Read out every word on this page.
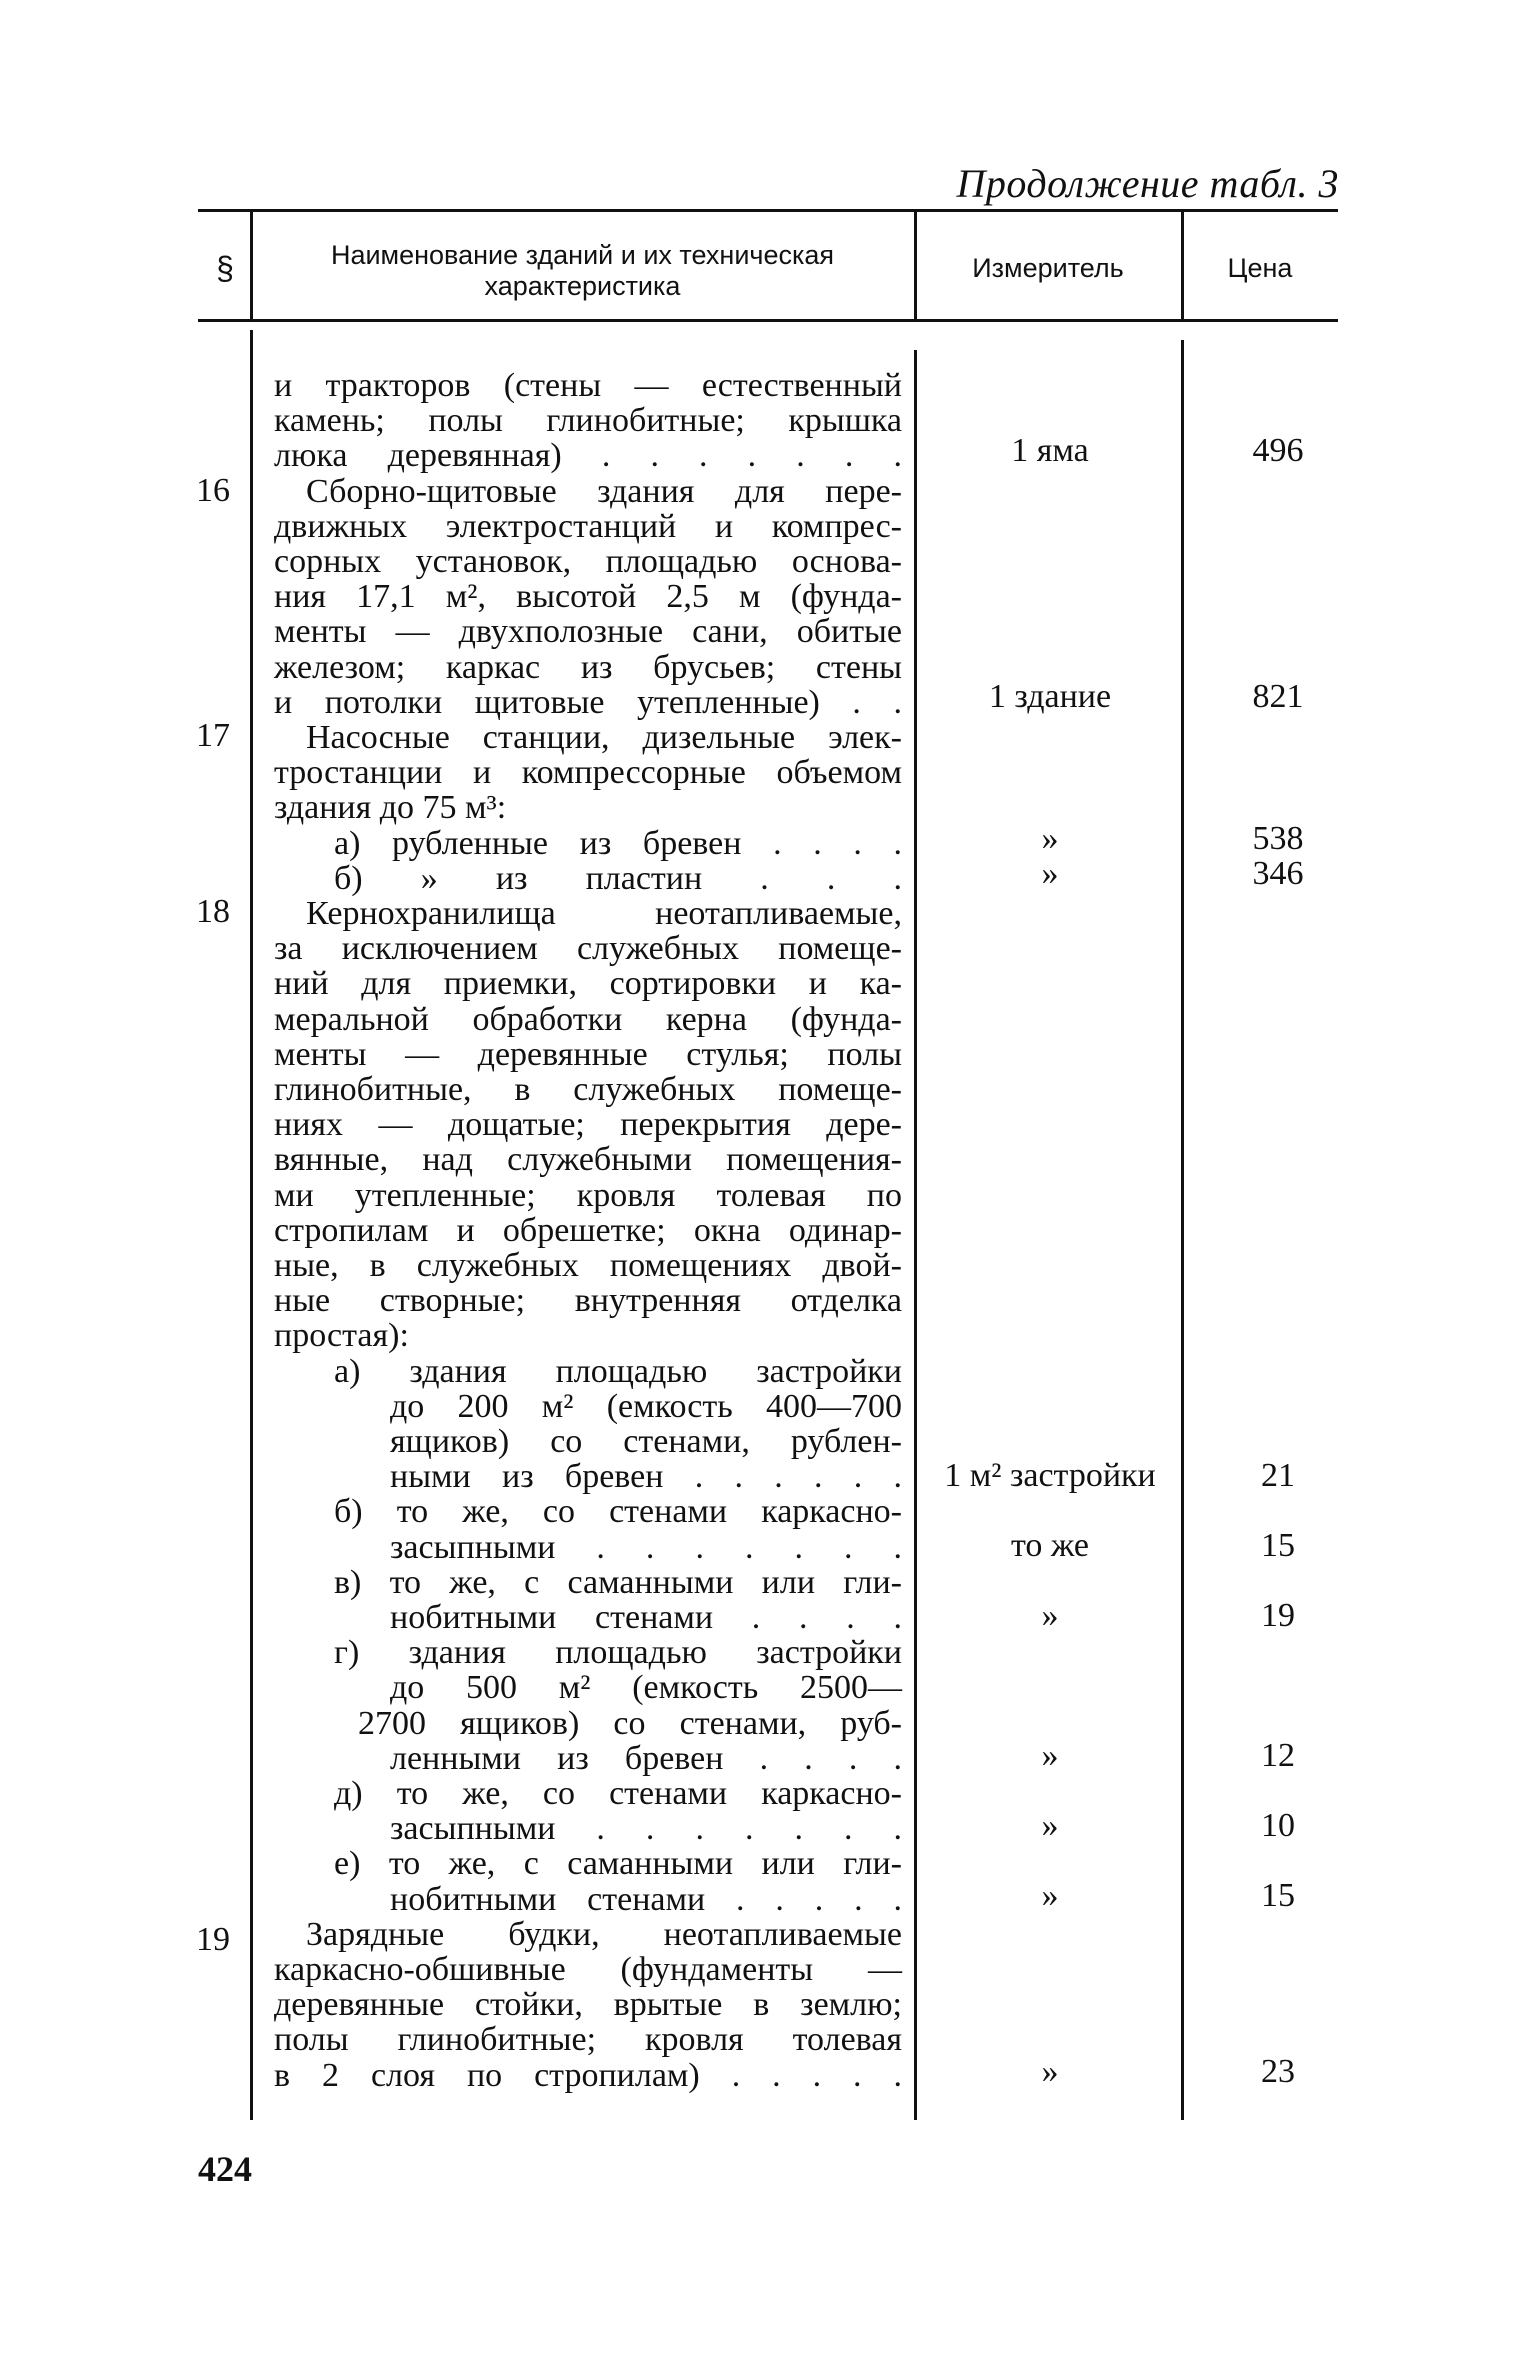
Продолжение табл. 3
§	Наименование зданий и их техническая
характеристика
Измеритель	Цена
16
17
18
19
и тракторов (стены — естественный
камень; полы глинобитные; крышка
люка деревянная) . . . . . . .
Сборно-щитовые здания для пере-
движных электростанций и компрес-
сорных установок, площадью основа-
ния 17,1 м², высотой 2,5 м (фунда-
менты — двухполозные сани, обитые
железом; каркас из брусьев; стены
и потолки щитовые утепленные) . .
Насосные станции, дизельные элек-
тростанции и компрессорные объемом
здания до 75 м³:
а) рубленные из бревен . . . .
б) » из пластин . . .
Кернохранилища неотапливаемые,
за исключением служебных помеще-
ний для приемки, сортировки и ка-
меральной обработки керна (фунда-
менты — деревянные стулья; полы
глинобитные, в служебных помеще-
ниях — дощатые; перекрытия дере-
вянные, над служебными помещения-
ми утепленные; кровля толевая по
стропилам и обрешетке; окна одинар-
ные, в служебных помещениях двой-
ные створные; внутренняя отделка
простая):
а) здания площадью застройки
до 200 м² (емкость 400—700
ящиков) со стенами, рублен-
ными из бревен . . . . . .
б) то же, со стенами каркасно-
засыпными . . . . . . .
в) то же, с саманными или гли-
нобитными стенами . . . .
г) здания площадью застройки
до 500 м² (емкость 2500—
2700 ящиков) со стенами, руб-
ленными из бревен . . . .
д) то же, со стенами каркасно-
засыпными . . . . . . .
е) то же, с саманными или гли-
нобитными стенами . . . . .
Зарядные будки, неотапливаемые
каркасно-обшивные (фундаменты —
деревянные стойки, врытые в землю;
полы глинобитные; кровля толевая
в 2 слоя по стропилам) . . . . .
1 яма
1 здание
»
»
1 м² застройки
то же
»
»
»
»
»
496
821
538
346
21
15
19
12
10
15
23
424
